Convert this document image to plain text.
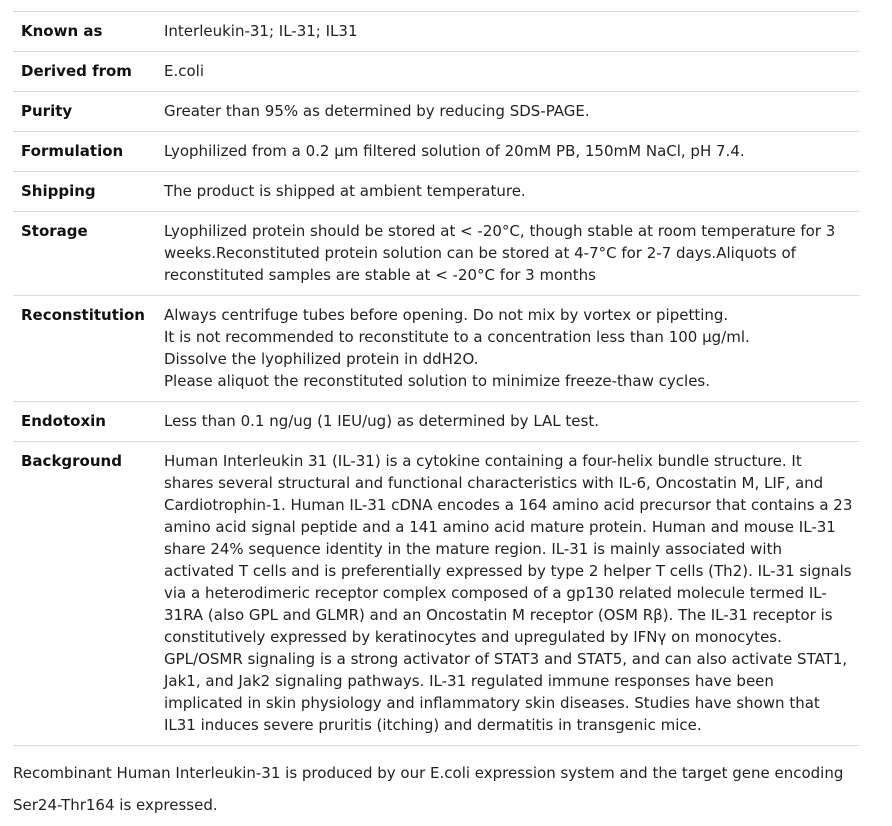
Known as	Interleukin-31; IL-31; IL31
Derived from	E.coli
Purity	Greater than 95% as determined by reducing SDS-PAGE.
Formulation	Lyophilized from a 0.2 μm filtered solution of 20mM PB, 150mM NaCl, pH 7.4.
Shipping	The product is shipped at ambient temperature.
Storage	Lyophilized protein should be stored at < -20°C, though stable at room temperature for 3 weeks.Reconstituted protein solution can be stored at 4-7°C for 2-7 days.Aliquots of reconstituted samples are stable at < -20°C for 3 months
Reconstitution	Always centrifuge tubes before opening. Do not mix by vortex or pipetting.
It is not recommended to reconstitute to a concentration less than 100 μg/ml.
Dissolve the lyophilized protein in ddH2O.
Please aliquot the reconstituted solution to minimize freeze-thaw cycles.

Endotoxin	Less than 0.1 ng/ug (1 IEU/ug) as determined by LAL test.
Background	Human Interleukin 31 (IL-31) is a cytokine containing a four-helix bundle structure. It shares several structural and functional characteristics with IL-6, Oncostatin M, LIF, and Cardiotrophin-1. Human IL-31 cDNA encodes a 164 amino acid precursor that contains a 23 amino acid signal peptide and a 141 amino acid mature protein. Human and mouse IL-31 share 24% sequence identity in the mature region. IL-31 is mainly associated with activated T cells and is preferentially expressed by type 2 helper T cells (Th2). IL-31 signals via a heterodimeric receptor complex composed of a gp130 related molecule termed IL-31RA (also GPL and GLMR) and an Oncostatin M receptor (OSM Rβ). The IL-31 receptor is constitutively expressed by keratinocytes and upregulated by IFNγ on monocytes. GPL/OSMR signaling is a strong activator of STAT3 and STAT5, and can also activate STAT1, Jak1, and Jak2 signaling pathways. IL-31 regulated immune responses have been implicated in skin physiology and inflammatory skin diseases. Studies have shown that IL31 induces severe pruritis (itching) and dermatitis in transgenic mice.

Recombinant Human Interleukin-31 is produced by our E.coli expression system and the target gene encoding Ser24-Thr164 is expressed.
